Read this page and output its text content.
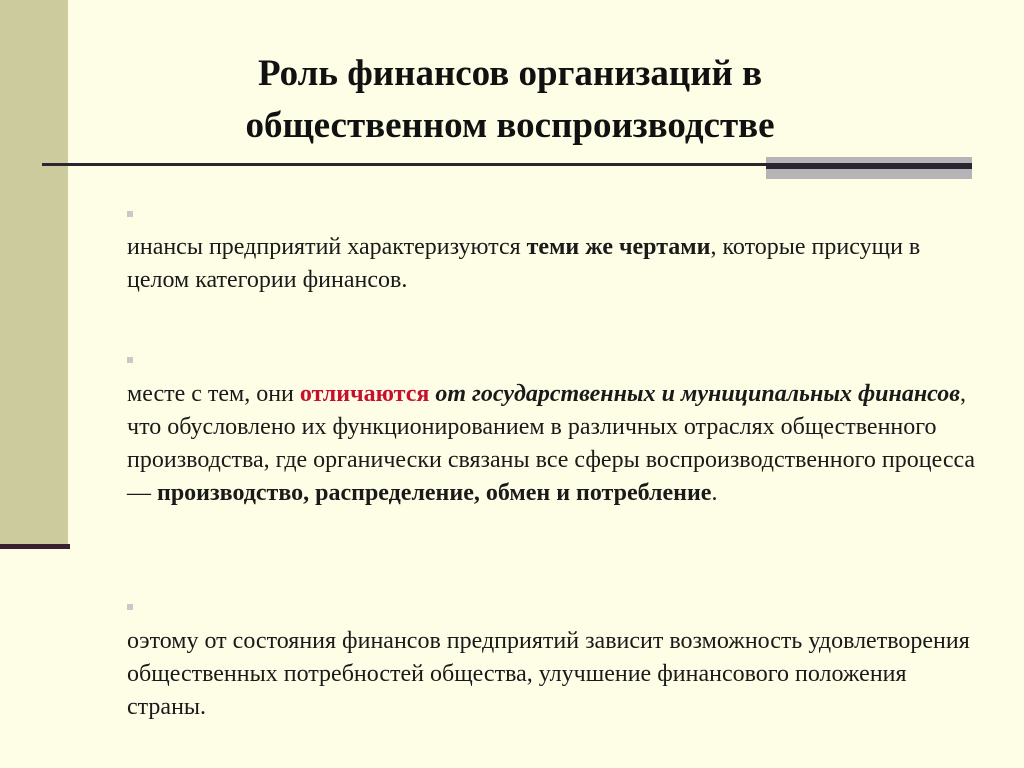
Роль финансов организаций в
общественном воспроизводстве
инансы предприятий характеризуются теми же чертами, которые присущи в целом категории финансов.
месте с тем, они отличаются от государственных и муниципальных финансов, что обусловлено их функционированием в различных отраслях общественного производства, где органически связаны все сферы воспроизводственного процесса — производство, распределение, обмен и потребление.
оэтому от состояния финансов предприятий зависит возможность удовлетворения общественных потребностей общества, улучшение финансового положения страны.
